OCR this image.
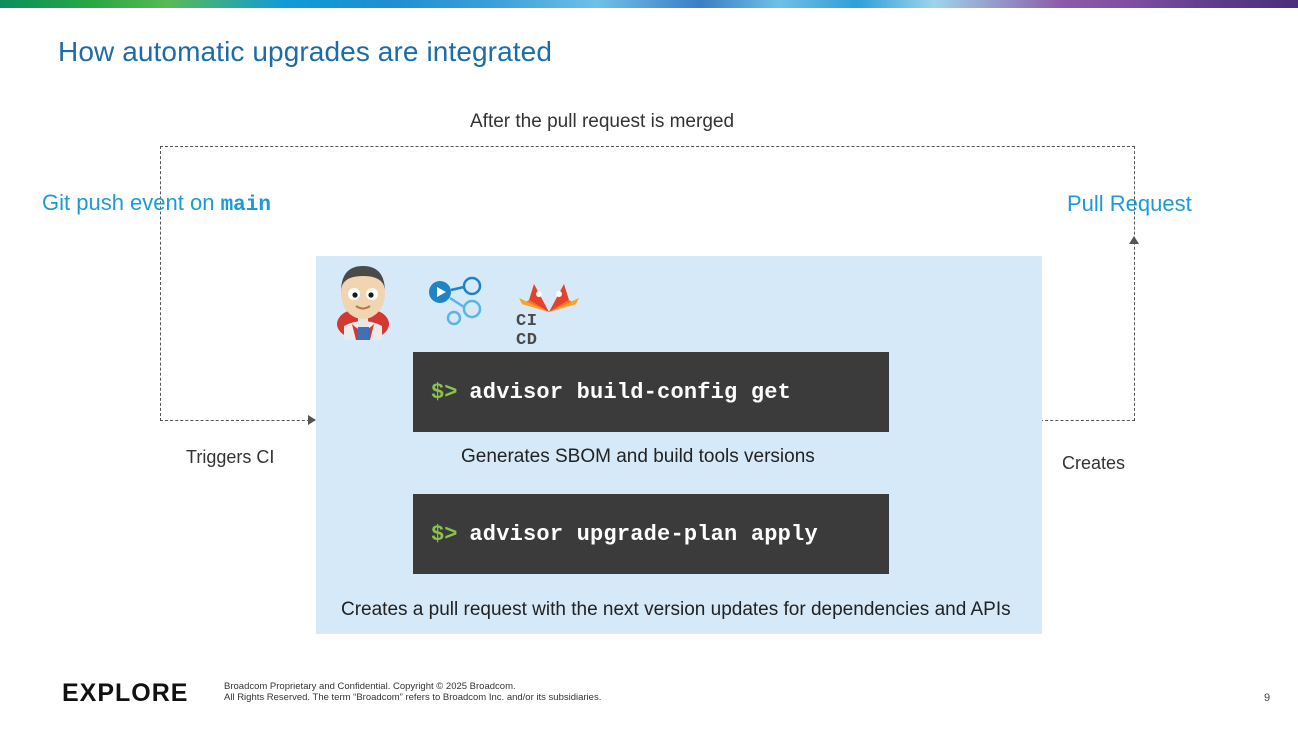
How automatic upgrades are integrated
After the pull request is merged
Git push event on main	Pull Request
Triggers CI	Creates
CI CD
$> advisor build-config get
Generates SBOM and build tools versions
$> advisor upgrade-plan apply
Creates a pull request with the next version updates for dependencies and APIs
EXPLORE	Broadcom Proprietary and Confidential. Copyright © 2025 Broadcom.
All Rights Reserved. The term “Broadcom” refers to Broadcom Inc. and/or its subsidiaries.	9
